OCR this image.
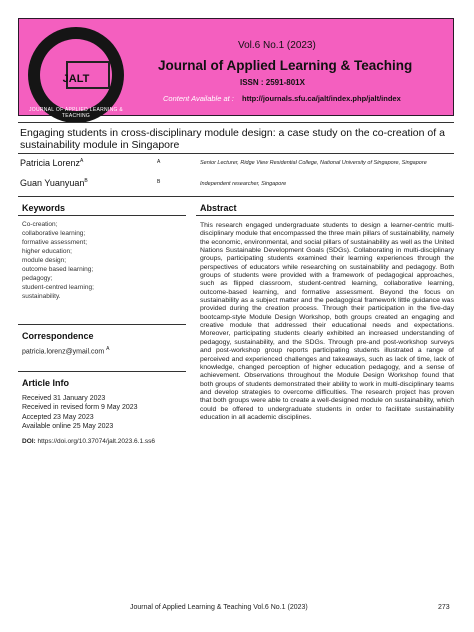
JALT
JOURNAL OF APPLIED LEARNING & TEACHING
Vol.6 No.1 (2023)
Journal of Applied Learning & Teaching
ISSN : 2591-801X
Content Available at : http://journals.sfu.ca/jalt/index.php/jalt/index
Engaging students in cross-disciplinary module design: a case study on the co-creation of a sustainability module in Singapore
Patricia Lorenz$^A$	A	Senior Lecturer, Ridge View Residential College, National University of Singapore, Singapore
Guan Yuanyuan$^B$	B	Independent researcher, Singapore
Keywords
Co-creation;
collaborative learning;
formative assessment;
higher education;
module design;
outcome based learning;
pedagogy;
student-centred learning;
sustainability.
Abstract
This research engaged undergraduate students to design a learner-centric multi-disciplinary module that encompassed the three main pillars of sustainability, namely the economic, environmental, and social pillars of sustainability as well as the United Nations Sustainable Development Goals (SDGs). Collaborating in multi-disciplinary groups, participating students examined their learning experiences through the perspectives of educators while researching on sustainability and pedagogy. Both groups of students were provided with a framework of pedagogical approaches, such as flipped classroom, student-centred learning, collaborative learning, outcome-based learning, and formative assessment. Beyond the focus on sustainability as a subject matter and the pedagogical framework little guidance was provided during the creation process. Through their participation in the five-day bootcamp-style Module Design Workshop, both groups created an engaging and creative module that addressed their educational needs and expectations. Moreover, participating students clearly exhibited an increased understanding of pedagogy, sustainability, and the SDGs. Through pre-and post-workshop surveys and post-workshop group reports participating students illustrated a range of perceived and experienced challenges and takeaways, such as lack of time, lack of knowledge, changed perception of higher education pedagogy, and a sense of achievement. Observations throughout the Module Design Workshop found that both groups of students demonstrated their ability to work in multi-disciplinary teams and develop strategies to overcome difficulties. The research project has proven that both groups were able to create a well-designed module on sustainability, which could be offered to undergraduate students in order to facilitate sustainability education in all academic disciplines.
Correspondence
patricia.lorenz@ymail.com $^A$
Article Info
Received 31 January 2023
Received in revised form 9 May 2023
Accepted 23 May 2023
Available online 25 May 2023
DOI: https://doi.org/10.37074/jalt.2023.6.1.ss6
Journal of Applied Learning & Teaching Vol.6 No.1 (2023)	273
